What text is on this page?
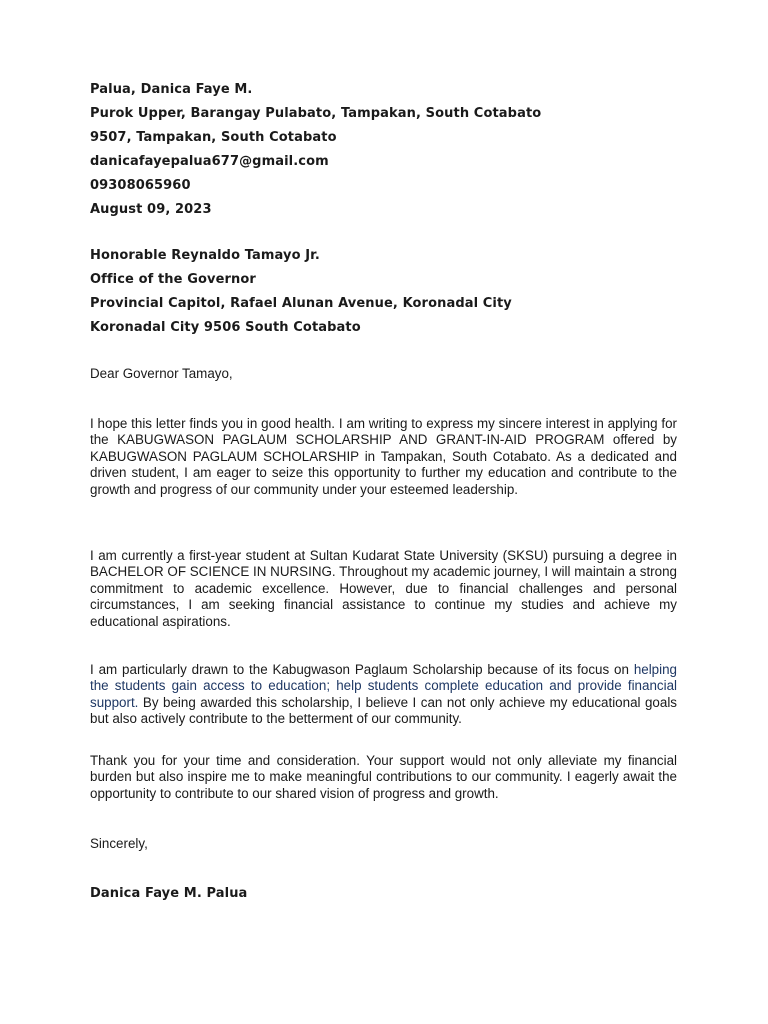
Palua, Danica Faye M.
Purok Upper, Barangay Pulabato, Tampakan, South Cotabato
9507, Tampakan, South Cotabato
danicafayepalua677@gmail.com
09308065960
August 09, 2023
Honorable Reynaldo Tamayo Jr.
Office of the Governor
Provincial Capitol, Rafael Alunan Avenue, Koronadal City
Koronadal City 9506 South Cotabato

Dear Governor Tamayo,

I hope this letter finds you in good health. I am writing to express my sincere interest in applying for the KABUGWASON PAGLAUM SCHOLARSHIP AND GRANT-IN-AID PROGRAM offered by KABUGWASON PAGLAUM SCHOLARSHIP in Tampakan, South Cotabato. As a dedicated and driven student, I am eager to seize this opportunity to further my education and contribute to the growth and progress of our community under your esteemed leadership.

I am currently a first-year student at Sultan Kudarat State University (SKSU) pursuing a degree in BACHELOR OF SCIENCE IN NURSING. Throughout my academic journey, I will maintain a strong commitment to academic excellence. However, due to financial challenges and personal circumstances, I am seeking financial assistance to continue my studies and achieve my educational aspirations.

I am particularly drawn to the Kabugwason Paglaum Scholarship because of its focus on helping the students gain access to education; help students complete education and provide financial support. By being awarded this scholarship, I believe I can not only achieve my educational goals but also actively contribute to the betterment of our community.

Thank you for your time and consideration. Your support would not only alleviate my financial burden but also inspire me to make meaningful contributions to our community. I eagerly await the opportunity to contribute to our shared vision of progress and growth.

Sincerely,

Danica Faye M. Palua
